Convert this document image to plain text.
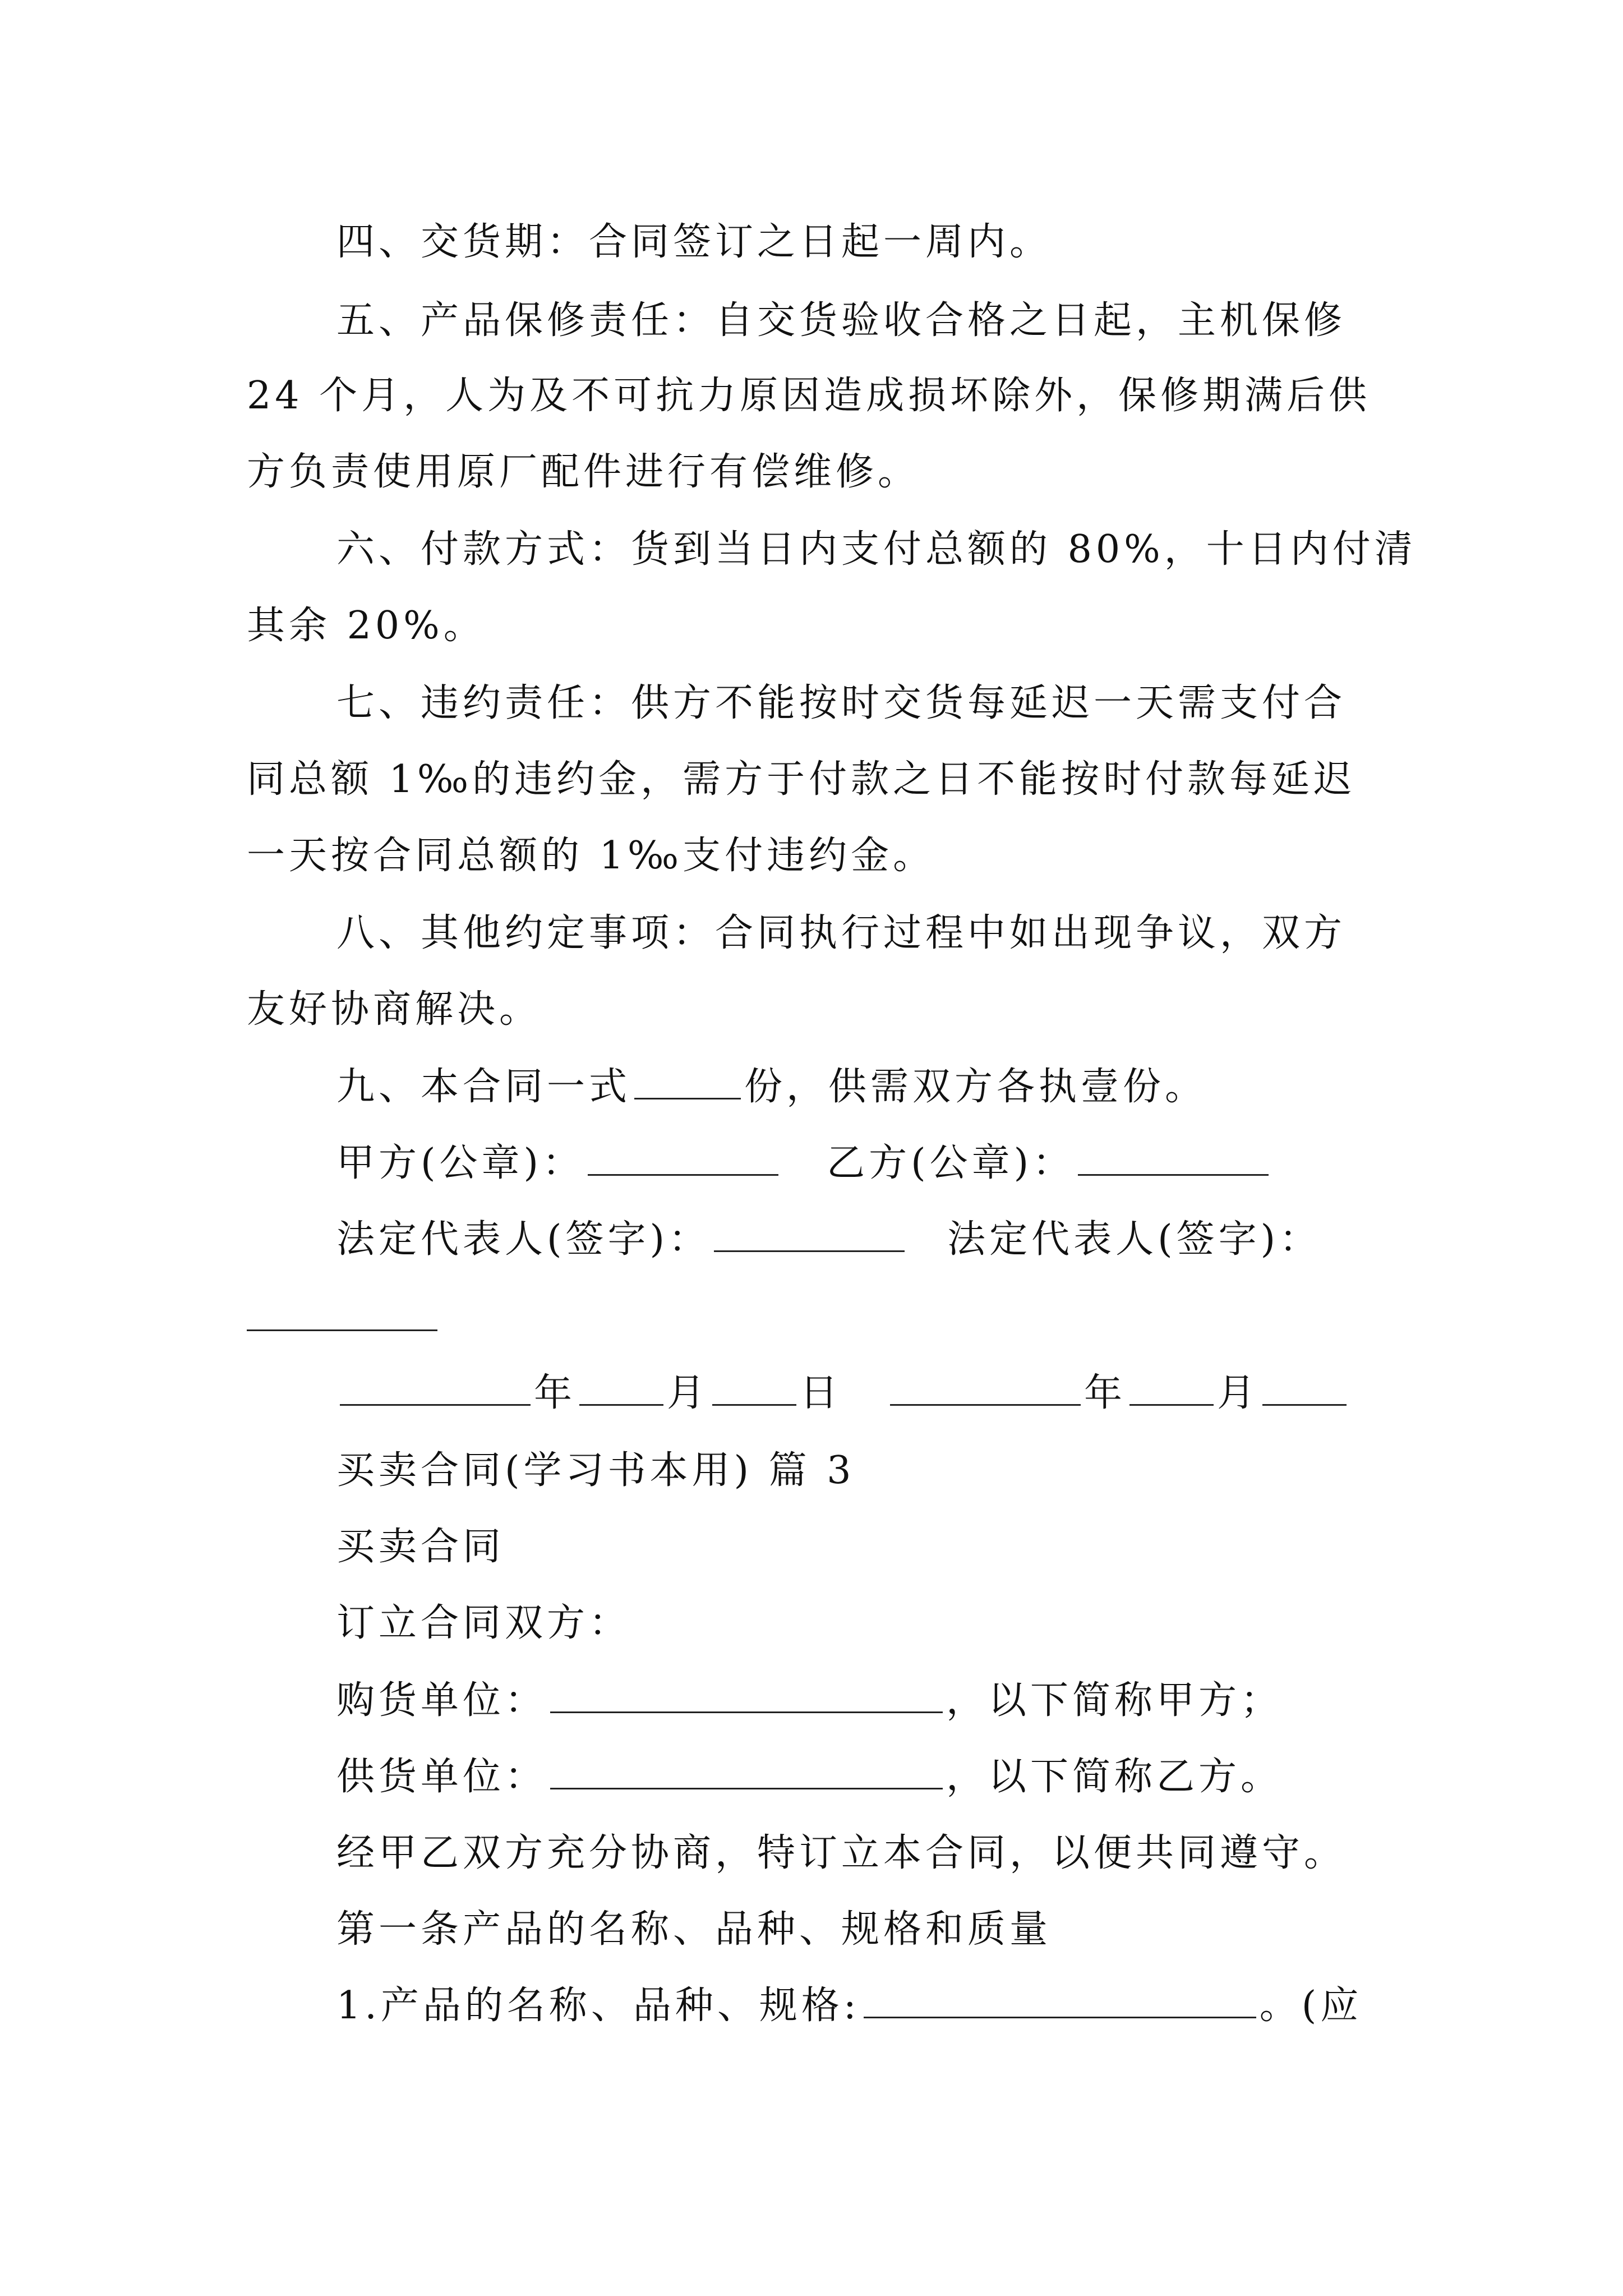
四、交货期：合同签订之日起一周内。
五、产品保修责任：自交货验收合格之日起，主机保修
24 个月，人为及不可抗力原因造成损坏除外，保修期满后供
方负责使用原厂配件进行有偿维修。
六、付款方式：货到当日内支付总额的 80%，十日内付清
其余 20%。
七、违约责任：供方不能按时交货每延迟一天需支付合
同总额 1‰的违约金，需方于付款之日不能按时付款每延迟
一天按合同总额的 1‰支付违约金。
八、其他约定事项：合同执行过程中如出现争议，双方
友好协商解决。
九、本合同一式	份，供需双方各执壹份。
甲方(公章)：	乙方(公章)：
法定代表人(签字)：	法定代表人(签字)：
年 月 日	年 月
买卖合同(学习书本用) 篇 3
买卖合同
订立合同双方：
购货单位：	，以下简称甲方；
供货单位：	，以下简称乙方。
经甲乙双方充分协商，特订立本合同，以便共同遵守。
第一条产品的名称、品种、规格和质量
1.产品的名称、品种、规格:	。(应
